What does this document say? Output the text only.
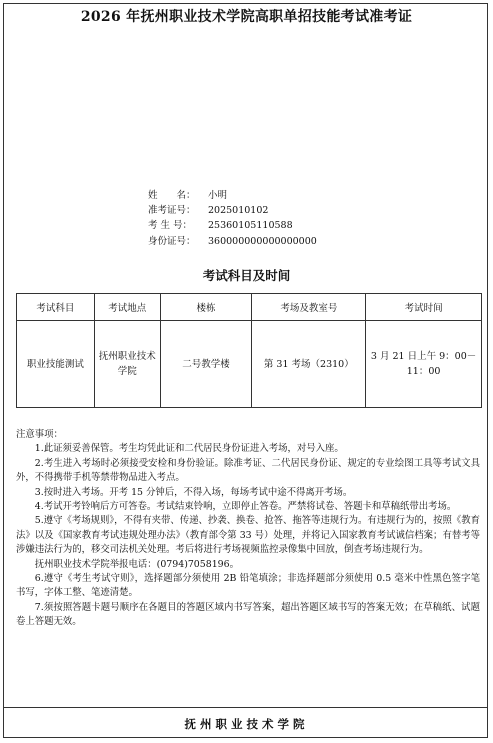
2026 年抚州职业技术学院高职单招技能考试准考证
姓　　名：	小明
准考证号：	2025010102
考 生 号：	25360105110588
身份证号：	360000000000000000
考试科目及时间
考试科目	考试地点	楼栋	考场及教室号	考试时间
职业技能测试	抚州职业技术学院	二号教学楼	第 31 考场（2310）	3 月 21 日上午 9：00－11：00

注意事项：

1.此证须妥善保管。考生均凭此证和二代居民身份证进入考场，对号入座。

2.考生进入考场时必须接受安检和身份验证。除准考证、二代居民身份证、规定的专业绘图工具等考试文具外，不得携带手机等禁带物品进入考点。

3.按时进入考场。开考 15 分钟后，不得入场，每场考试中途不得离开考场。

4.考试开考铃响后方可答卷。考试结束铃响，立即停止答卷。严禁将试卷、答题卡和草稿纸带出考场。

5.遵守《考场规则》，不得有夹带、传递、抄袭、换卷、抢答、拖答等违规行为。有违规行为的，按照《教育法》以及《国家教育考试违规处理办法》（教育部令第 33 号）处理，并将记入国家教育考试诚信档案；有替考等涉嫌违法行为的，移交司法机关处理。考后将进行考场视频监控录像集中回放，倒查考场违规行为。

抚州职业技术学院举报电话：(0794)7058196。

6.遵守《考生考试守则》，选择题部分须使用 2B 铅笔填涂；非选择题部分须使用 0.5 毫米中性黑色签字笔书写，字体工整、笔迹清楚。

7.须按照答题卡题号顺序在各题目的答题区域内书写答案，超出答题区域书写的答案无效；在草稿纸、试题卷上答题无效。

抚州职业技术学院
